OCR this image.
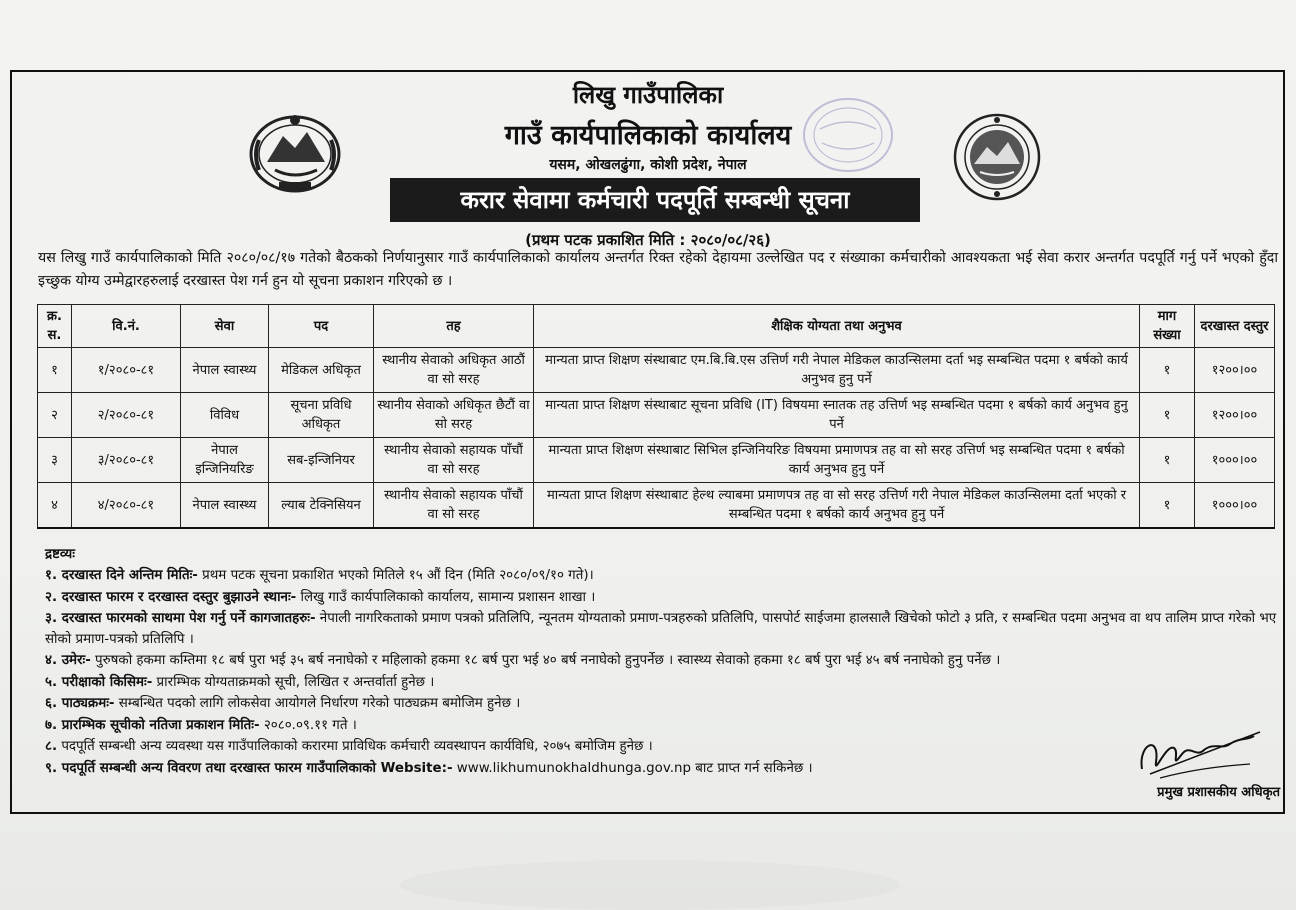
लिखु गाउँपालिका
गाउँ कार्यपालिकाको कार्यालय
यसम, ओखलढुंगा, कोशी प्रदेश, नेपाल
करार सेवामा कर्मचारी पदपूर्ति सम्बन्धी सूचना
(प्रथम पटक प्रकाशित मिति : २०८०/०८/२६)
यस लिखु गाउँ कार्यपालिकाको मिति २०८०/०८/१७ गतेको बैठकको निर्णयानुसार गाउँ कार्यपालिकाको कार्यालय अन्तर्गत रिक्त रहेको देहायमा उल्लेखित पद र संख्याका कर्मचारीको आवश्यकता भई सेवा करार अन्तर्गत पदपूर्ति गर्नु पर्ने भएको हुँदा इच्छुक योग्य उम्मेद्वारहरुलाई दरखास्त पेश गर्न हुन यो सूचना प्रकाशन गरिएको छ ।
क्र. स.	वि.नं.	सेवा	पद	तह	शैक्षिक योग्यता तथा अनुभव	माग संख्या	दरखास्त दस्तुर
१	१/२०८०-८१	नेपाल स्वास्थ्य	मेडिकल अधिकृत	स्थानीय सेवाको अधिकृत आठौं वा सो सरह	मान्यता प्राप्त शिक्षण संस्थाबाट एम.बि.बि.एस उत्तिर्ण गरी नेपाल मेडिकल काउन्सिलमा दर्ता भइ सम्बन्धित पदमा १ बर्षको कार्य अनुभव हुनु पर्ने	१	१२००।००
२	२/२०८०-८१	विविध	सूचना प्रविधि अधिकृत	स्थानीय सेवाको अधिकृत छैटौं वा सो सरह	मान्यता प्राप्त शिक्षण संस्थाबाट सूचना प्रविधि (IT) विषयमा स्नातक तह उत्तिर्ण भइ सम्बन्धित पदमा १ बर्षको कार्य अनुभव हुनु पर्ने	१	१२००।००
३	३/२०८०-८१	नेपाल इन्जिनियरिङ	सब-इन्जिनियर	स्थानीय सेवाको सहायक पाँचौं वा सो सरह	मान्यता प्राप्त शिक्षण संस्थाबाट सिभिल इन्जिनियरिङ विषयमा प्रमाणपत्र तह वा सो सरह उत्तिर्ण भइ सम्बन्धित पदमा १ बर्षको कार्य अनुभव हुनु पर्ने	१	१०००।००
४	४/२०८०-८१	नेपाल स्वास्थ्य	ल्याब टेक्निसियन	स्थानीय सेवाको सहायक पाँचौं वा सो सरह	मान्यता प्राप्त शिक्षण संस्थाबाट हेल्थ ल्याबमा प्रमाणपत्र तह वा सो सरह उत्तिर्ण गरी नेपाल मेडिकल काउन्सिलमा दर्ता भएको र सम्बन्धित पदमा १ बर्षको कार्य अनुभव हुनु पर्ने	१	१०००।००
द्रष्टव्यः
१. दरखास्त दिने अन्तिम मितिः- प्रथम पटक सूचना प्रकाशित भएको मितिले १५ औं दिन (मिति २०८०/०९/१० गते)।
२. दरखास्त फारम र दरखास्त दस्तुर बुझाउने स्थानः- लिखु गाउँ कार्यपालिकाको कार्यालय, सामान्य प्रशासन शाखा ।
३. दरखास्त फारमको साथमा पेश गर्नु पर्ने कागजातहरुः- नेपाली नागरिकताको प्रमाण पत्रको प्रतिलिपि, न्यूनतम योग्यताको प्रमाण-पत्रहरुको प्रतिलिपि, पासपोर्ट साईजमा हालसालै खिचेको फोटो ३ प्रति, र सम्बन्धित पदमा अनुभव वा थप तालिम प्राप्त गरेको भए सोको प्रमाण-पत्रको प्रतिलिपि ।
४. उमेरः- पुरुषको हकमा कम्तिमा १८ बर्ष पुरा भई ३५ बर्ष ननाघेको र महिलाको हकमा १८ बर्ष पुरा भई ४० बर्ष ननाघेको हुनुपर्नेछ । स्वास्थ्य सेवाको हकमा १८ बर्ष पुरा भई ४५ बर्ष ननाघेको हुनु पर्नेछ ।
५. परीक्षाको किसिमः- प्रारम्भिक योग्यताक्रमको सूची, लिखित र अन्तर्वार्ता हुनेछ ।
६. पाठ्यक्रमः- सम्बन्धित पदको लागि लोकसेवा आयोगले निर्धारण गरेको पाठ्यक्रम बमोजिम हुनेछ ।
७. प्रारम्भिक सूचीको नतिजा प्रकाशन मितिः- २०८०.०९.११ गते ।
८. पदपूर्ति सम्बन्धी अन्य व्यवस्था यस गाउँपालिकाको करारमा प्राविधिक कर्मचारी व्यवस्थापन कार्यविधि, २०७५ बमोजिम हुनेछ ।
९. पदपूर्ति सम्बन्धी अन्य विवरण तथा दरखास्त फारम गाउँपालिकाको Website:- www.likhumunokhaldhunga.gov.np बाट प्राप्त गर्न सकिनेछ ।
प्रमुख प्रशासकीय अधिकृत
